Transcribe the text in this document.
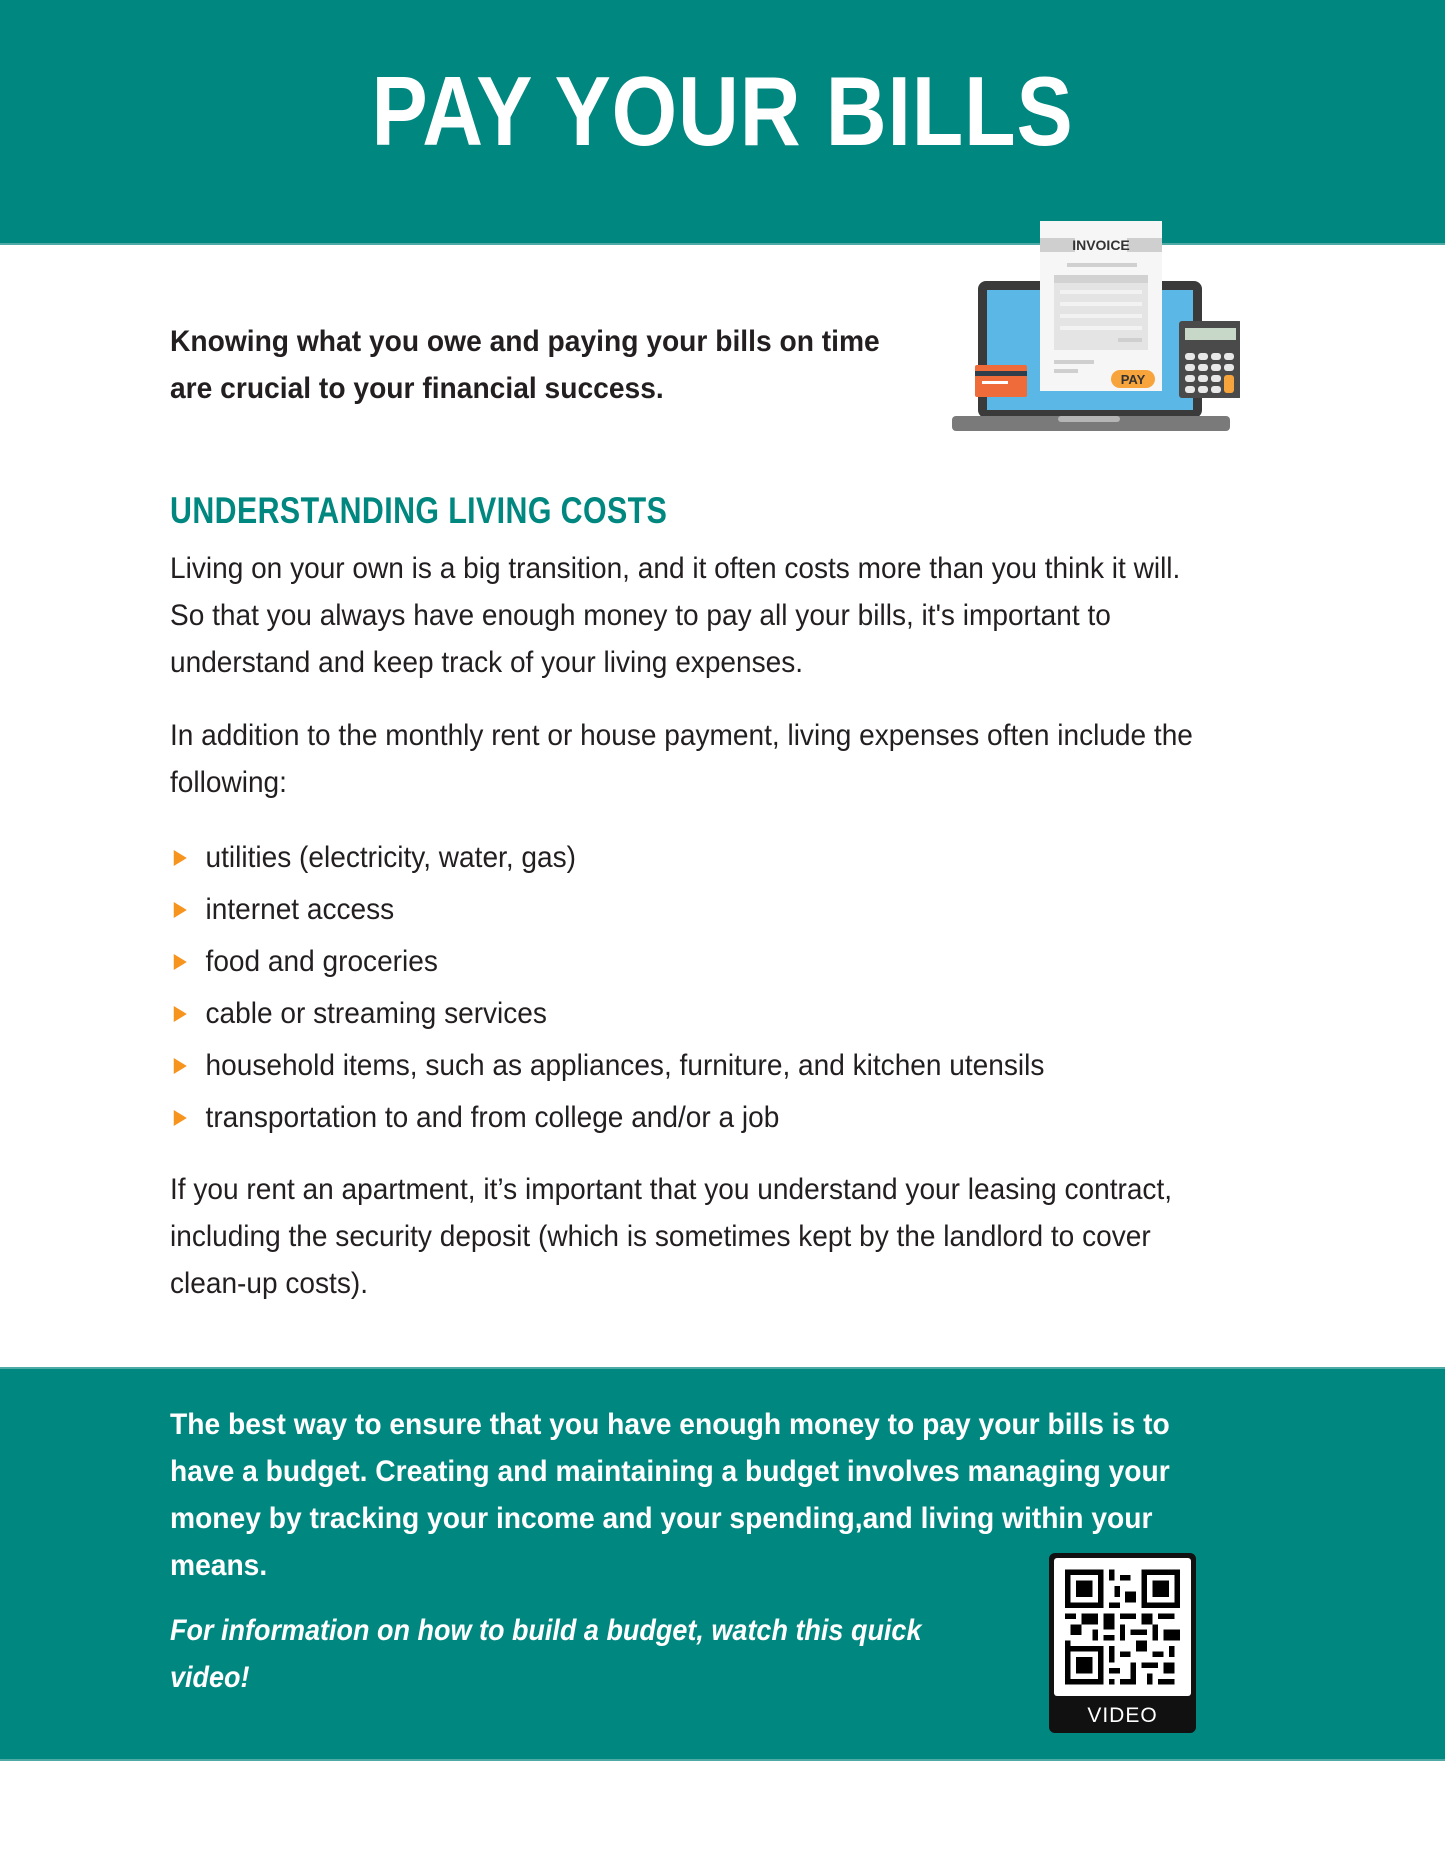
PAY YOUR BILLS
INVOICE
PAY
Knowing what you owe and paying your bills on time are crucial to your financial success.
UNDERSTANDING LIVING COSTS

Living on your own is a big transition, and it often costs more than you think it will. So that you always have enough money to pay all your bills, it's important to understand and keep track of your living expenses.

In addition to the monthly rent or house payment, living expenses often include the following:

utilities (electricity, water, gas)
internet access
food and groceries
cable or streaming services
household items, such as appliances, furniture, and kitchen utensils
transportation to and from college and/or a job

If you rent an apartment, it’s important that you understand your leasing contract, including the security deposit (which is sometimes kept by the landlord to cover clean-up costs).

The best way to ensure that you have enough money to pay your bills is to have a budget. Creating and maintaining a budget involves managing your money by tracking your income and your spending,and living within your means.

For information on how to build a budget, watch this quick video!

VIDEO
